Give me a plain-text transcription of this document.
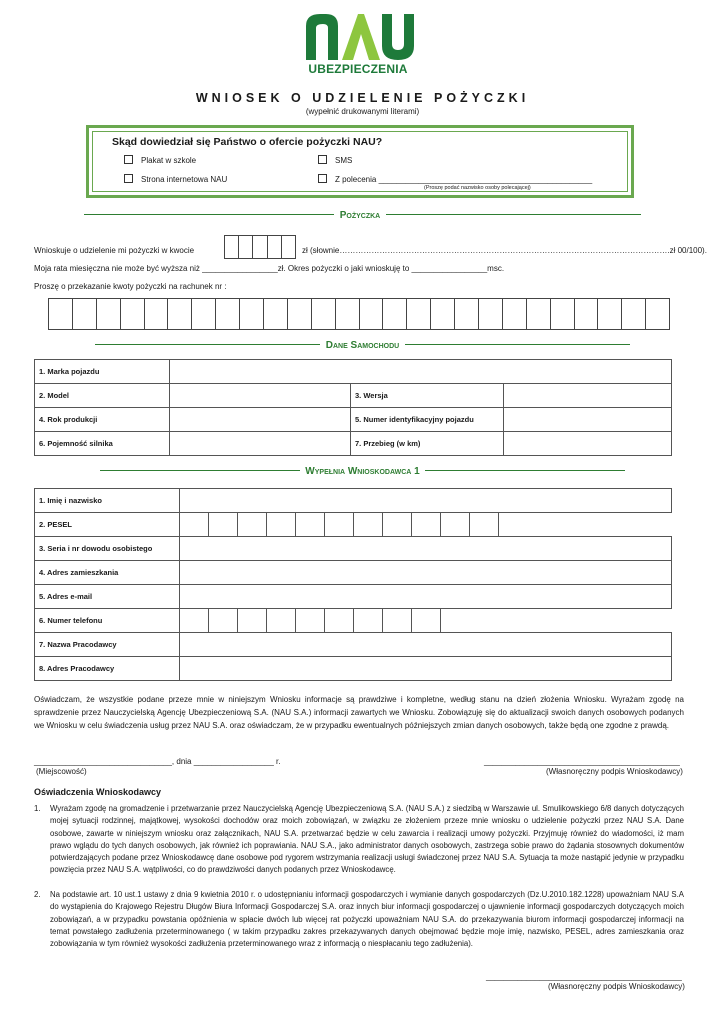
UBEZPIECZENIA
WNIOSEK O UDZIELENIE POŻYCZKI
(wypełnić drukowanymi literami)
Skąd dowiedział się Państwo o ofercie pożyczki NAU?
Plakat w szkole	SMS
Strona internetowa NAU	Z polecenia ________________________________________________
(Proszę podać nazwisko osoby polecającej)
Pożyczka
Wnioskuje o udzielenie mi pożyczki w kwocie	zł (słownie…………………………………………………………………………………………………………….zł 00/100).
Moja rata miesięczna nie może być wyższa niż _________________zł. Okres pożyczki o jaki wnioskuję to _________________msc.
Proszę o przekazanie kwoty pożyczki na rachunek nr :
Dane Samochodu
1. Marka pojazdu			
2. Model		3. Wersja	
4. Rok produkcji		5. Numer identyfikacyjny pojazdu	
6. Pojemność silnika		7. Przebieg (w km)	
Wypełnia Wnioskodawca 1
1. Imię i nazwisko												
2. PESEL												
3. Seria i nr dowodu osobistego												
4. Adres zamieszkania												
5. Adres e-mail												
6. Numer telefonu												
7. Nazwa Pracodawcy												
8. Adres Pracodawcy												
Oświadczam, że wszystkie podane przeze mnie w niniejszym Wniosku informacje są prawdziwe i kompletne, według stanu na dzień złożenia Wniosku. Wyrażam zgodę na sprawdzenie przez Nauczycielską Agencję Ubezpieczeniową S.A. (NAU S.A.) informacji zawartych we Wniosku. Zobowiązuję się do aktualizacji swoich danych osobowych podanych we Wniosku w celu świadczenia usług przez NAU S.A. oraz oświadczam, że w przypadku ewentualnych późniejszych zmian danych osobowych, także będą one zgodne z prawdą.
_______________________________, dnia __________________ r.
(Miejscowość)
____________________________________________
(Własnoręczny podpis Wnioskodawcy)
Oświadczenia Wnioskodawcy
1. Wyrażam zgodę na gromadzenie i przetwarzanie przez Nauczycielską Agencję Ubezpieczeniową S.A. (NAU S.A.) z siedzibą w Warszawie ul. Smulikowskiego 6/8 danych dotyczących mojej sytuacji rodzinnej, majątkowej, wysokości dochodów oraz moich zobowiązań, w związku ze złożeniem przeze mnie wniosku o udzielenie pożyczki przez NAU S.A. Dane osobowe, zawarte w niniejszym wniosku oraz załącznikach, NAU S.A. przetwarzać będzie w celu zawarcia i realizacji umowy pożyczki. Przyjmuję również do wiadomości, iż mam prawo wglądu do tych danych osobowych, jak również ich poprawiania. NAU S.A., jako administrator danych osobowych, zastrzega sobie prawo do żądania stosownych dokumentów potwierdzających podane przez Wnioskodawcę dane osobowe pod rygorem wstrzymania realizacji usługi świadczonej przez NAU S.A. Sytuacja ta może nastąpić jedynie w przypadku powzięcia przez NAU S.A. wątpliwości, co do prawdziwości danych podanych przez Wnioskodawcę.
2. Na podstawie art. 10 ust.1 ustawy z dnia 9 kwietnia 2010 r. o udostępnianiu informacji gospodarczych i wymianie danych gospodarczych (Dz.U.2010.182.1228) upoważniam NAU S.A do wystąpienia do Krajowego Rejestru Długów Biura Informacji Gospodarczej S.A. oraz innych biur informacji gospodarczej o ujawnienie informacji gospodarczych dotyczących moich zobowiązań, a w przypadku powstania opóźnienia w spłacie dwóch lub więcej rat pożyczki upoważniam NAU S.A. do przekazywania biurom informacji gospodarczej informacji na temat powstałego zadłużenia przeterminowanego ( w takim przypadku zakres przekazywanych danych obejmować będzie moje imię, nazwisko, PESEL, adres zamieszkania oraz zobowiązania w tym również wysokości zadłużenia przeterminowanego wraz z informacją o niespłacaniu tego zadłużenia).
____________________________________________
(Własnoręczny podpis Wnioskodawcy)
